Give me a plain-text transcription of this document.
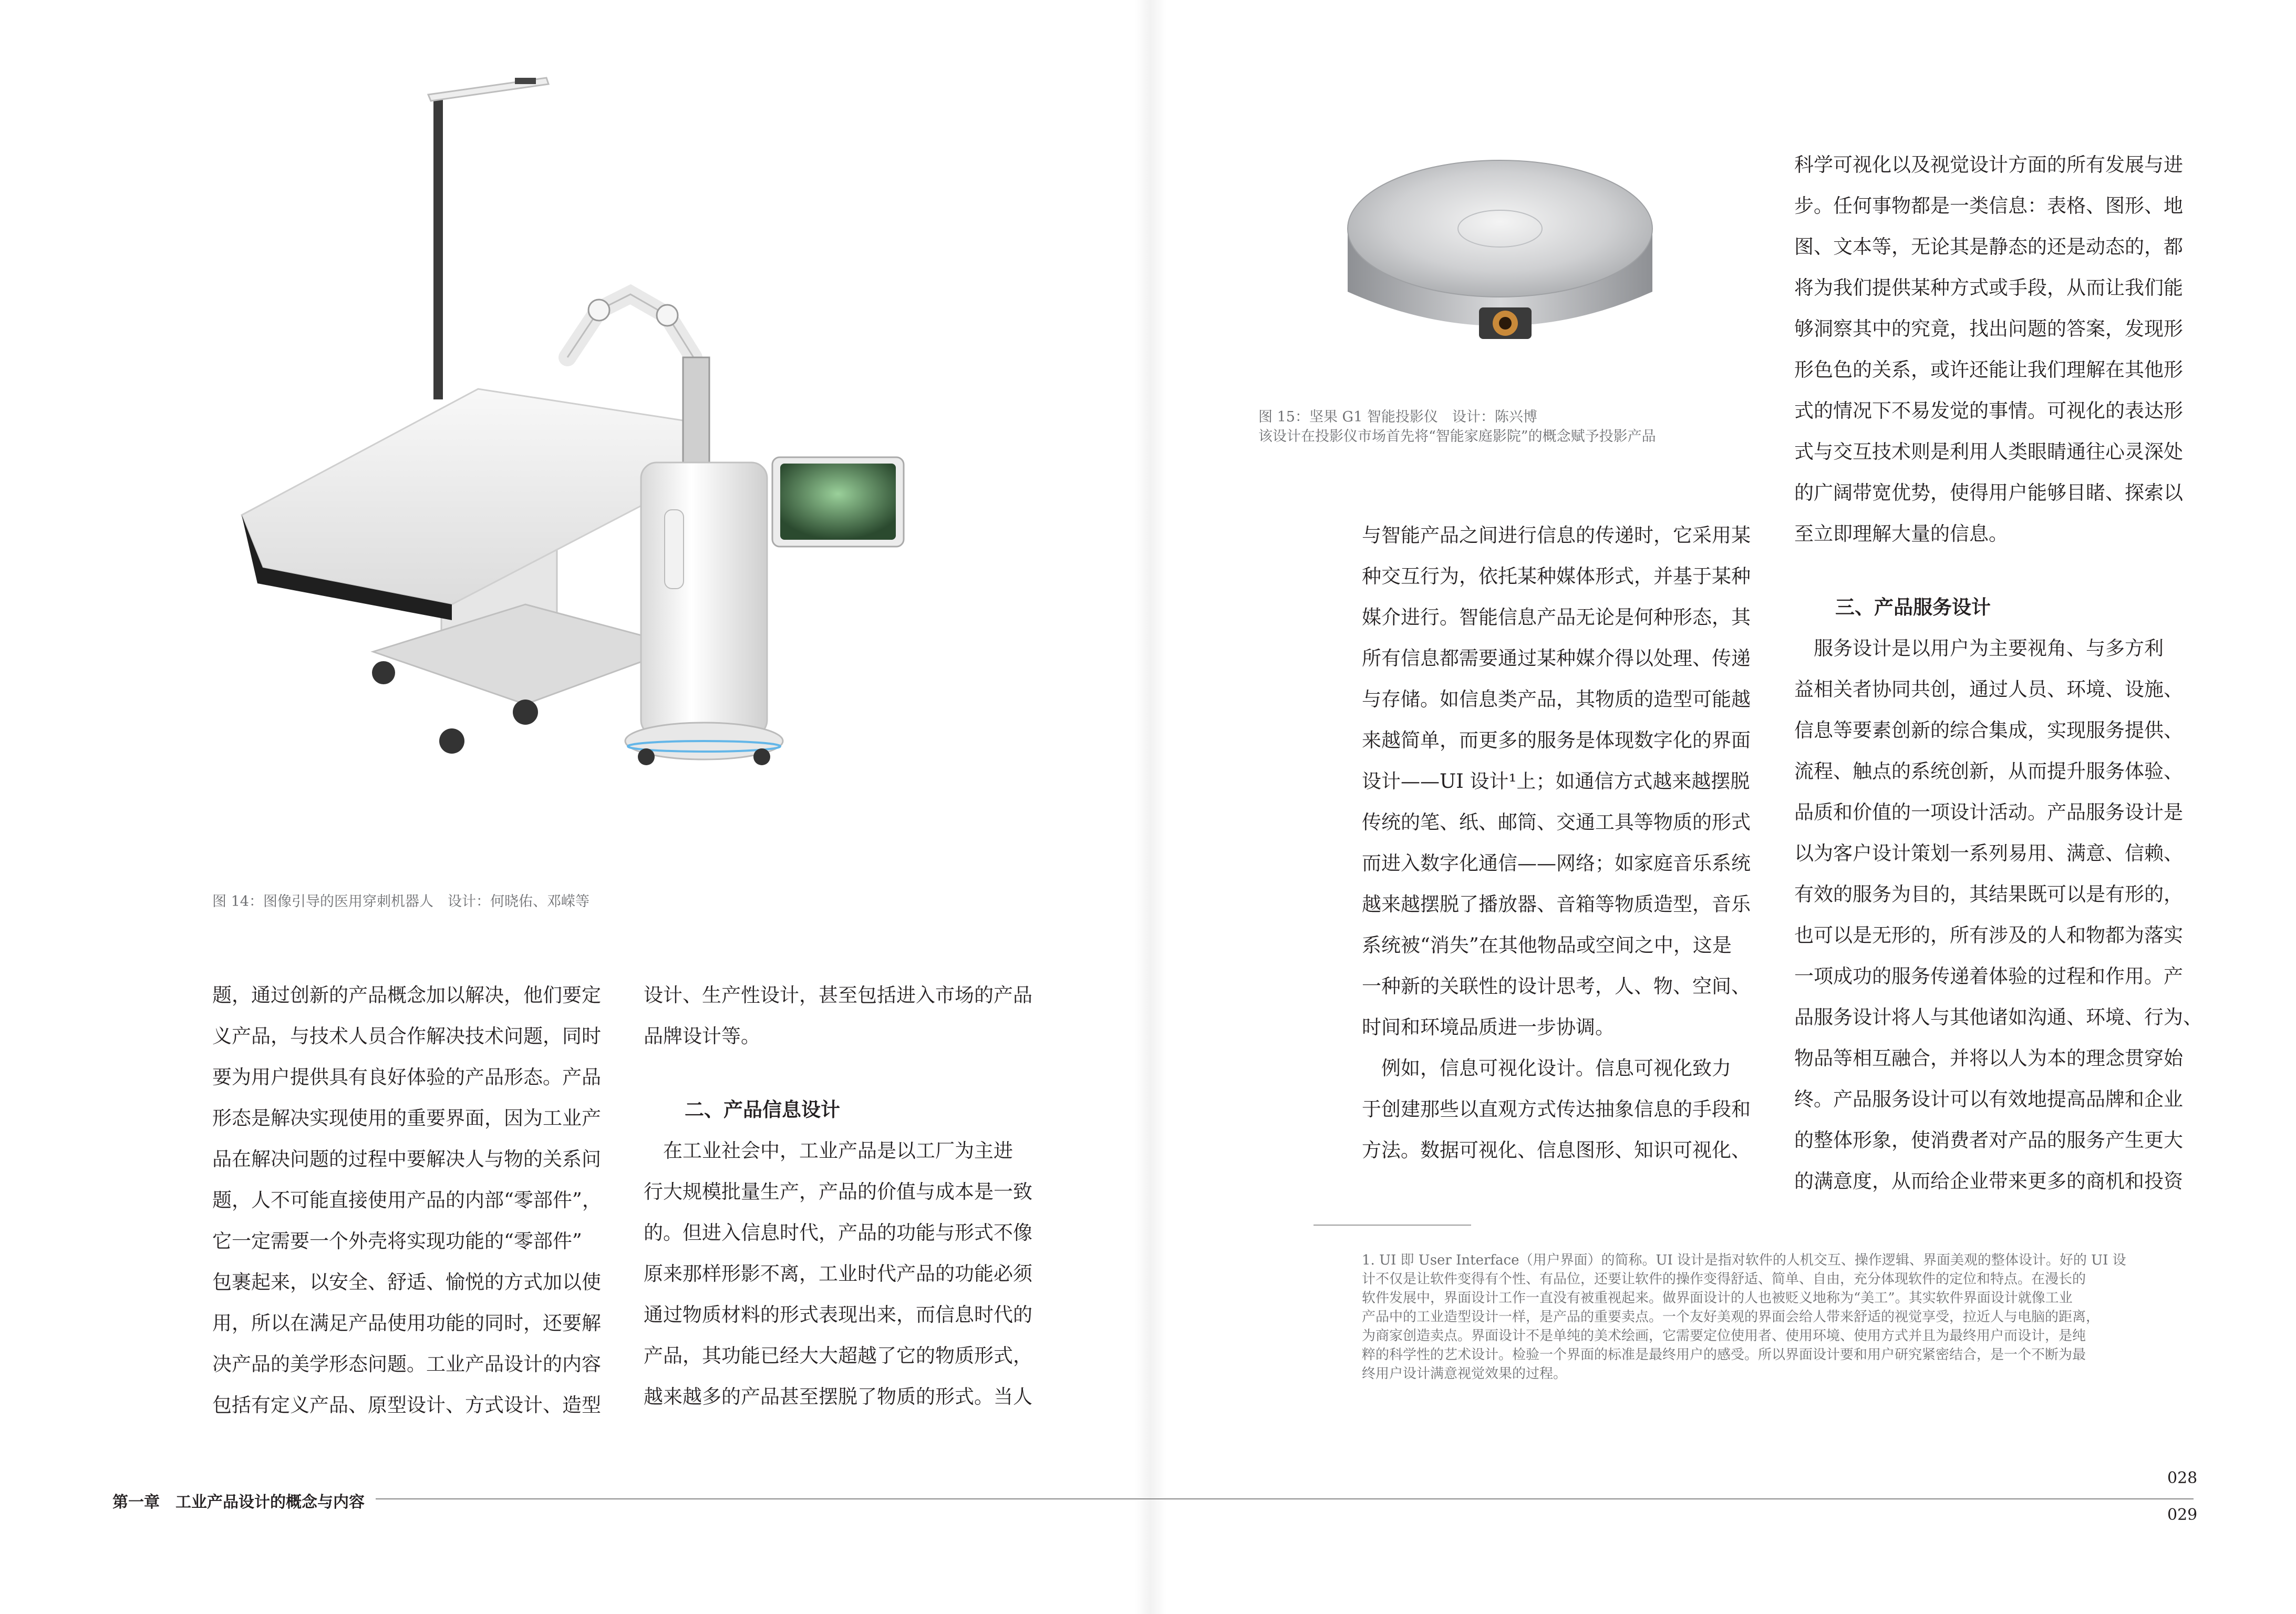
图 14：图像引导的医用穿刺机器人　设计：何晓佑、邓嵘等
题，通过创新的产品概念加以解决，他们要定
义产品，与技术人员合作解决技术问题，同时
要为用户提供具有良好体验的产品形态。产品
形态是解决实现使用的重要界面，因为工业产
品在解决问题的过程中要解决人与物的关系问
题，人不可能直接使用产品的内部“零部件”，
它一定需要一个外壳将实现功能的“零部件”
包裹起来，以安全、舒适、愉悦的方式加以使
用，所以在满足产品使用功能的同时，还要解
决产品的美学形态问题。工业产品设计的内容
包括有定义产品、原型设计、方式设计、造型
设计、生产性设计，甚至包括进入市场的产品
品牌设计等。
二、产品信息设计
　在工业社会中，工业产品是以工厂为主进
行大规模批量生产，产品的价值与成本是一致
的。但进入信息时代，产品的功能与形式不像
原来那样形影不离，工业时代产品的功能必须
通过物质材料的形式表现出来，而信息时代的
产品，其功能已经大大超越了它的物质形式，
越来越多的产品甚至摆脱了物质的形式。当人
第一章　工业产品设计的概念与内容
图 15：坚果 G1 智能投影仪　设计：陈兴博
该设计在投影仪市场首先将“智能家庭影院”的概念赋予投影产品
与智能产品之间进行信息的传递时，它采用某
种交互行为，依托某种媒体形式，并基于某种
媒介进行。智能信息产品无论是何种形态，其
所有信息都需要通过某种媒介得以处理、传递
与存储。如信息类产品，其物质的造型可能越
来越简单，而更多的服务是体现数字化的界面
设计——UI 设计¹上；如通信方式越来越摆脱
传统的笔、纸、邮筒、交通工具等物质的形式
而进入数字化通信——网络；如家庭音乐系统
越来越摆脱了播放器、音箱等物质造型，音乐
系统被“消失”在其他物品或空间之中，这是
一种新的关联性的设计思考，人、物、空间、
时间和环境品质进一步协调。
　例如，信息可视化设计。信息可视化致力
于创建那些以直观方式传达抽象信息的手段和
方法。数据可视化、信息图形、知识可视化、
科学可视化以及视觉设计方面的所有发展与进
步。任何事物都是一类信息：表格、图形、地
图、文本等，无论其是静态的还是动态的，都
将为我们提供某种方式或手段，从而让我们能
够洞察其中的究竟，找出问题的答案，发现形
形色色的关系，或许还能让我们理解在其他形
式的情况下不易发觉的事情。可视化的表达形
式与交互技术则是利用人类眼睛通往心灵深处
的广阔带宽优势，使得用户能够目睹、探索以
至立即理解大量的信息。
三、产品服务设计
　服务设计是以用户为主要视角、与多方利
益相关者协同共创，通过人员、环境、设施、
信息等要素创新的综合集成，实现服务提供、
流程、触点的系统创新，从而提升服务体验、
品质和价值的一项设计活动。产品服务设计是
以为客户设计策划一系列易用、满意、信赖、
有效的服务为目的，其结果既可以是有形的，
也可以是无形的，所有涉及的人和物都为落实
一项成功的服务传递着体验的过程和作用。产
品服务设计将人与其他诸如沟通、环境、行为、
物品等相互融合，并将以人为本的理念贯穿始
终。产品服务设计可以有效地提高品牌和企业
的整体形象，使消费者对产品的服务产生更大
的满意度，从而给企业带来更多的商机和投资
1. UI 即 User Interface（用户界面）的简称。UI 设计是指对软件的人机交互、操作逻辑、界面美观的整体设计。好的 UI 设
计不仅是让软件变得有个性、有品位，还要让软件的操作变得舒适、简单、自由，充分体现软件的定位和特点。在漫长的
软件发展中，界面设计工作一直没有被重视起来。做界面设计的人也被贬义地称为“美工”。其实软件界面设计就像工业
产品中的工业造型设计一样，是产品的重要卖点。一个友好美观的界面会给人带来舒适的视觉享受，拉近人与电脑的距离，
为商家创造卖点。界面设计不是单纯的美术绘画，它需要定位使用者、使用环境、使用方式并且为最终用户而设计，是纯
粹的科学性的艺术设计。检验一个界面的标准是最终用户的感受。所以界面设计要和用户研究紧密结合，是一个不断为最
终用户设计满意视觉效果的过程。
028
029
